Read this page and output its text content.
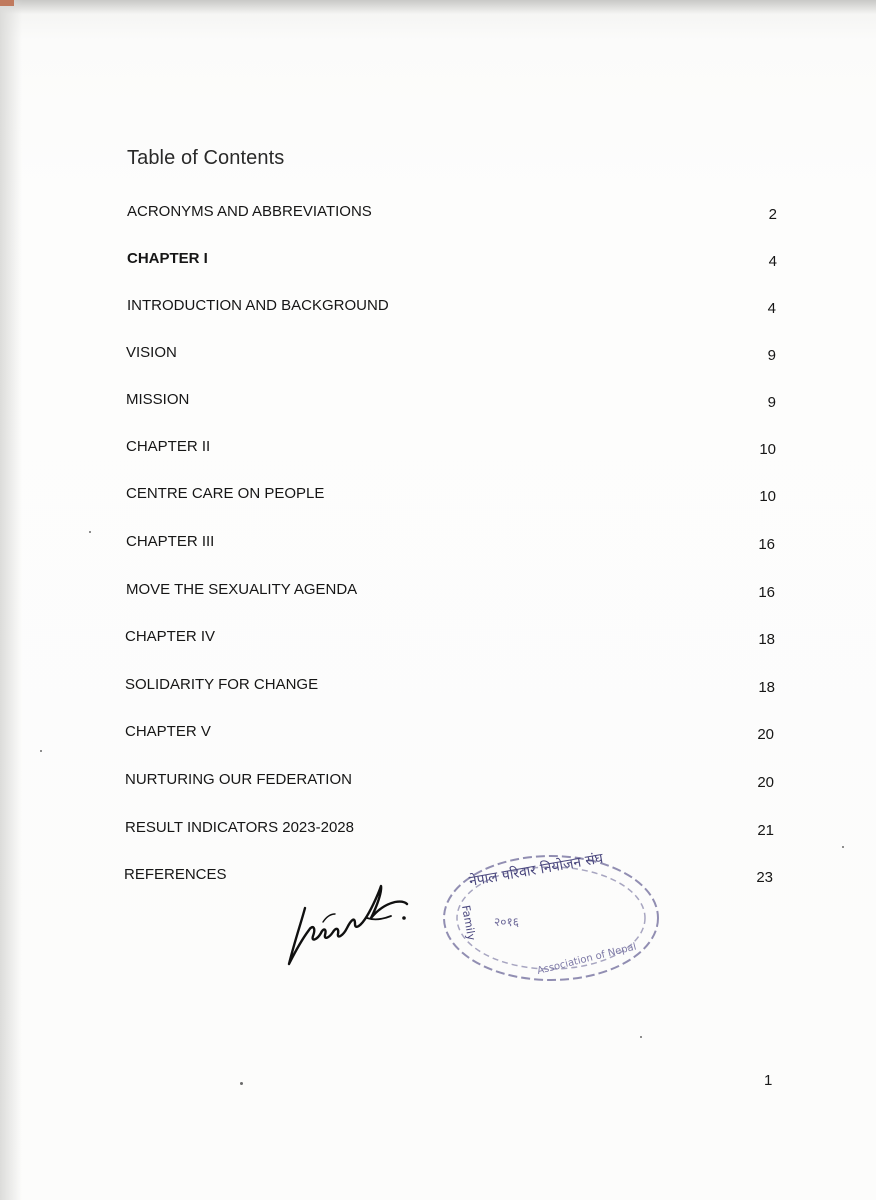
Table of Contents
ACRONYMS AND ABBREVIATIONS	2
CHAPTER I	4
INTRODUCTION AND BACKGROUND	4
VISION	9
MISSION	9
CHAPTER II	10
CENTRE CARE ON PEOPLE	10
CHAPTER III	16
MOVE THE SEXUALITY AGENDA	16
CHAPTER IV	18
SOLIDARITY FOR CHANGE	18
CHAPTER V	20
NURTURING OUR FEDERATION	20
RESULT INDICATORS 2023-2028	21
REFERENCES	23
नेपाल परिवार नियोजन संघ
Family २०१६
Association of Nepal
1
